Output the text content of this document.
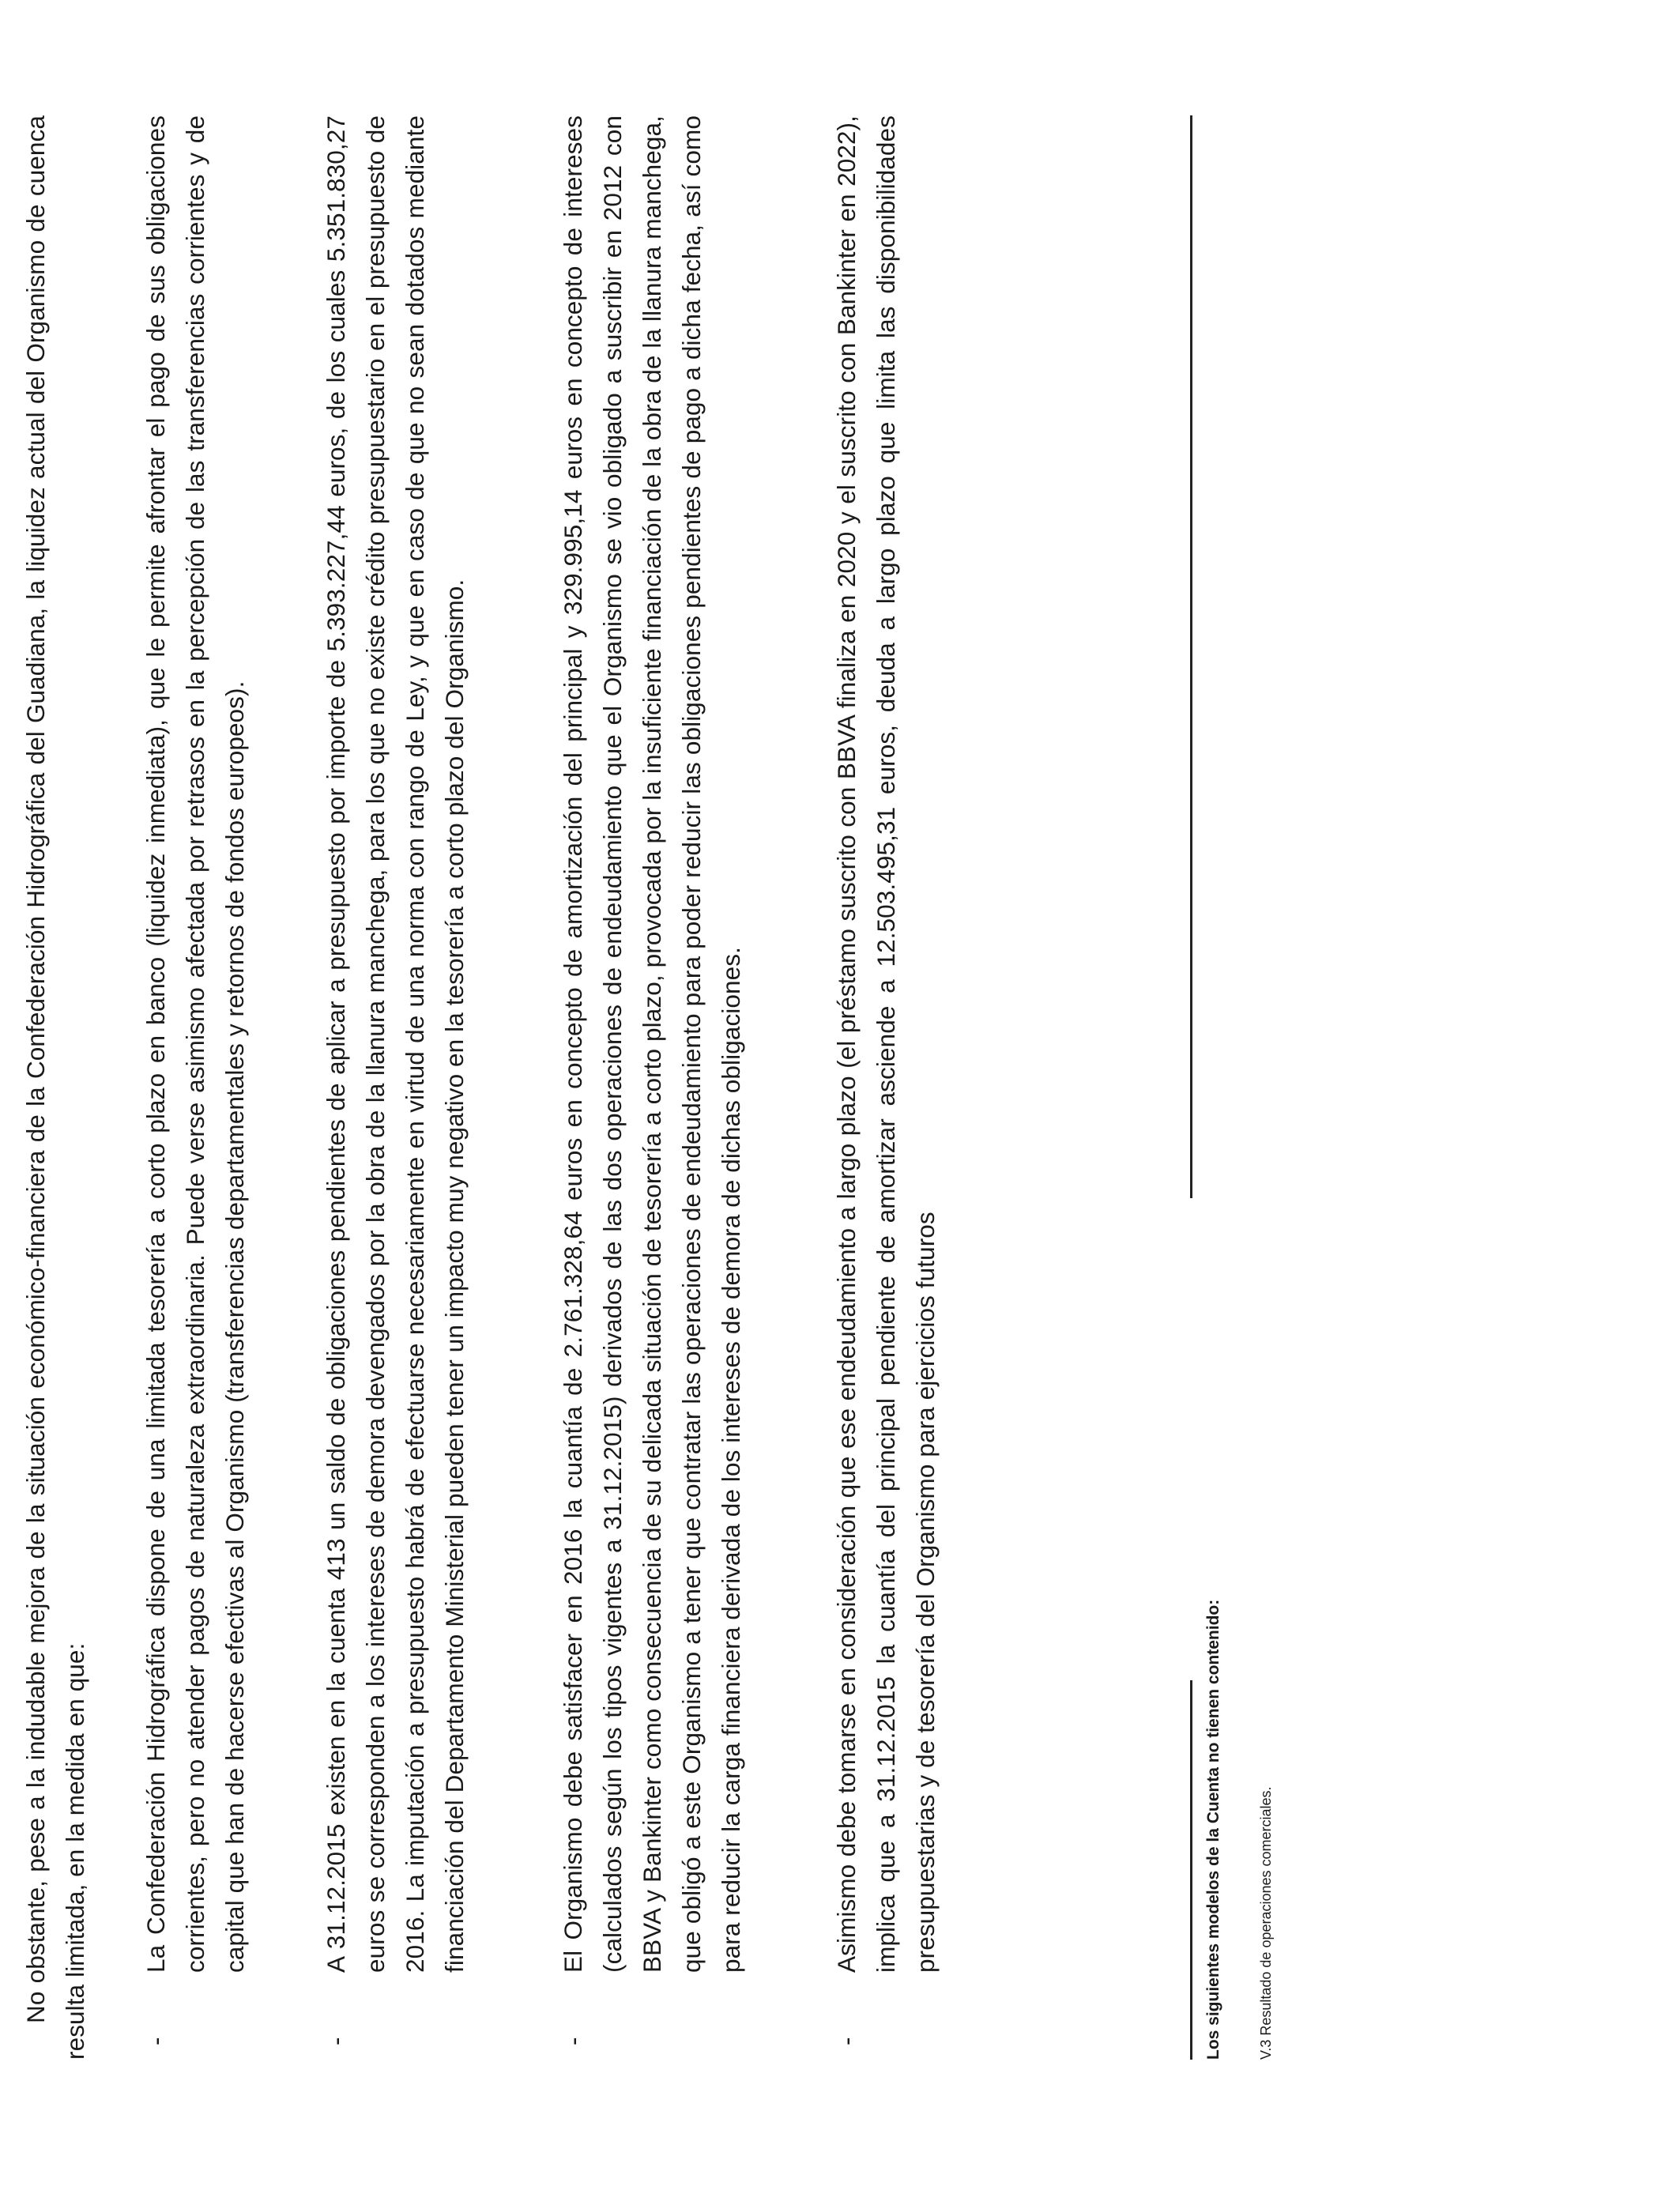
No obstante, pese a la indudable mejora de la situación económico-financiera de la Confederación Hidrográfica del Guadiana, la liquidez actual del Organismo de cuenca resulta limitada, en la medida en que: -

La Confederación Hidrográfica dispone de una limitada tesorería a corto plazo en banco (liquidez inmediata), que le permite afrontar el pago de sus obligaciones corrientes, pero no atender pagos de naturaleza extraordinaria. Puede verse asimismo afectada por retrasos en la percepción de las transferencias corrientes y de capital que han de hacerse efectivas al Organismo (transferencias departamentales y retornos de fondos europeos).

-

A 31.12.2015 existen en la cuenta 413 un saldo de obligaciones pendientes de aplicar a presupuesto por importe de 5.393.227,44 euros, de los cuales 5.351.830,27 euros se corresponden a los intereses de demora devengados por la obra de la llanura manchega, para los que no existe crédito presupuestario en el presupuesto de 2016. La imputación a presupuesto habrá de efectuarse necesariamente en virtud de una norma con rango de Ley, y que en caso de que no sean dotados mediante financiación del Departamento Ministerial pueden tener un impacto muy negativo en la tesorería a corto plazo del Organismo.

-

El Organismo debe satisfacer en 2016 la cuantía de 2.761.328,64 euros en concepto de amortización del principal y 329.995,14 euros en concepto de intereses (calculados según los tipos vigentes a 31.12.2015) derivados de las dos operaciones de endeudamiento que el Organismo se vio obligado a suscribir en 2012 con BBVA y Bankinter como consecuencia de su delicada situación de tesorería a corto plazo, provocada por la insuficiente financiación de la obra de la llanura manchega, que obligó a este Organismo a tener que contratar las operaciones de endeudamiento para poder reducir las obligaciones pendientes de pago a dicha fecha, así como para reducir la carga financiera derivada de los intereses de demora de dichas obligaciones.

-

Asimismo debe tomarse en consideración que ese endeudamiento a largo plazo (el préstamo suscrito con BBVA finaliza en 2020 y el suscrito con Bankinter en 2022), implica que a 31.12.2015 la cuantía del principal pendiente de amortizar asciende a 12.503.495,31 euros, deuda a largo plazo que limita las disponibilidades presupuestarias y de tesorería del Organismo para ejercicios futuros	Los siguientes modelos de la Cuenta no tienen contenido:	V.3 Resultado de operaciones comerciales.
